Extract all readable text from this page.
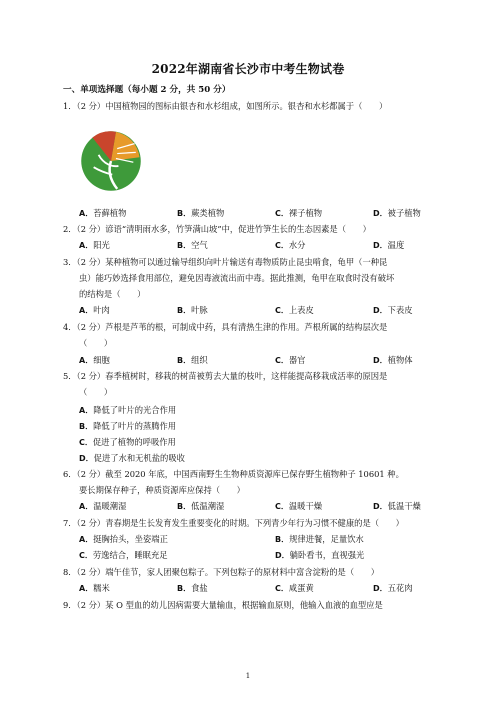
2022年湖南省长沙市中考生物试卷
一、单项选择题（每小题 2 分，共 50 分）
1．（2 分）中国植物园的图标由银杏和水杉组成，如图所示。银杏和水杉都属于（　　）
A．苔藓植物	B．蕨类植物	C．裸子植物	D．被子植物
2．（2 分）谚语“清明雨水多，竹笋满山坡”中，促进竹笋生长的生态因素是（　　）
A．阳光	B．空气	C．水分	D．温度
3．（2 分）某种植物可以通过输导组织向叶片输送有毒物质防止昆虫啃食，龟甲（一种昆
虫）能巧妙选择食用部位，避免因毒液流出而中毒。据此推测，龟甲在取食时没有破坏
的结构是（　　）
A．叶肉	B．叶脉	C．上表皮	D．下表皮
4．（2 分）芦根是芦苇的根，可制成中药，具有清热生津的作用。芦根所属的结构层次是
（　　）
A．细胞	B．组织	C．器官	D．植物体
5．（2 分）春季植树时，移栽的树苗被剪去大量的枝叶，这样能提高移栽成活率的原因是
（　　）
A．降低了叶片的光合作用
B．降低了叶片的蒸腾作用
C．促进了植物的呼吸作用
D．促进了水和无机盐的吸收
6．（2 分）截至 2020 年底，中国西南野生生物种质资源库已保存野生植物种子 10601 种。
要长期保存种子，种质资源库应保持（　　）
A．温暖潮湿	B．低温潮湿	C．温暖干燥	D．低温干燥
7．（2 分）青春期是生长发育发生重要变化的时期。下列青少年行为习惯不健康的是（　　）
A．挺胸抬头，坐姿端正	B．规律进餐，足量饮水
C．劳逸结合，睡眠充足	D．躺卧看书，直视强光
8．（2 分）端午佳节，家人团聚包粽子。下列包粽子的原材料中富含淀粉的是（　　）
A．糯米	B．食盐	C．咸蛋黄	D．五花肉
9．（2 分）某 O 型血的幼儿因病需要大量输血，根据输血原则，他输入血液的血型应是
1
